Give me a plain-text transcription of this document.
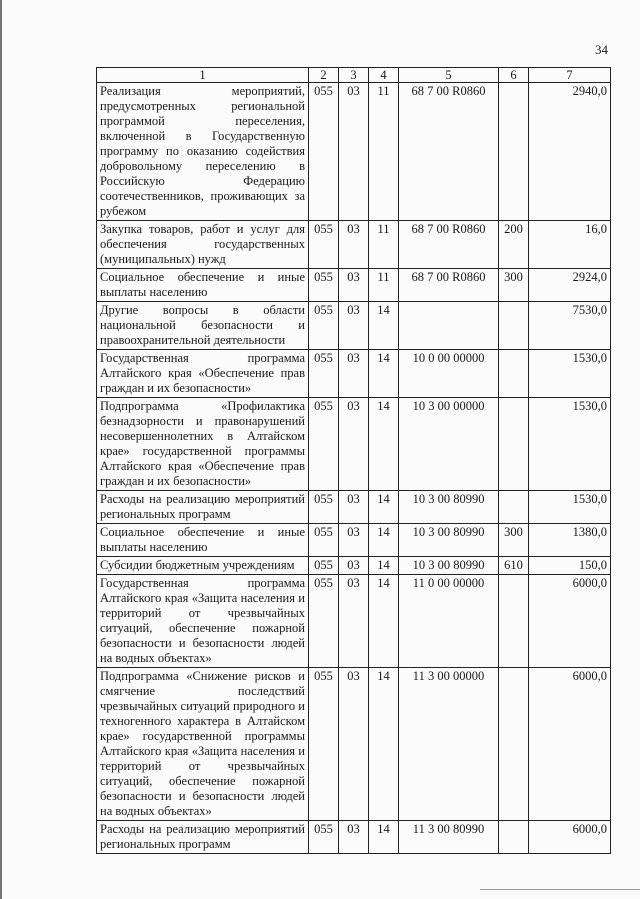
34
1	2	3	4	5	6	7
Реализация мероприятий, предусмотренных региональной программой переселения, включенной в Государственную программу по оказанию содействия добровольному переселению в Российскую Федерацию соотечественников, проживающих за рубежом	055	03	11	68 7 00 R0860		2940,0
Закупка товаров, работ и услуг для обеспечения государственных (муниципальных) нужд	055	03	11	68 7 00 R0860	200	16,0
Социальное обеспечение и иные выплаты населению	055	03	11	68 7 00 R0860	300	2924,0
Другие вопросы в области национальной безопасности и правоохранительной деятельности	055	03	14			7530,0
Государственная программа Алтайского края «Обеспечение прав граждан и их безопасности»	055	03	14	10 0 00 00000		1530,0
Подпрограмма «Профилактика безнадзорности и правонарушений несовершеннолетних в Алтайском крае» государственной программы Алтайского края «Обеспечение прав граждан и их безопасности»	055	03	14	10 3 00 00000		1530,0
Расходы на реализацию мероприятий региональных программ	055	03	14	10 3 00 80990		1530,0
Социальное обеспечение и иные выплаты населению	055	03	14	10 3 00 80990	300	1380,0
Субсидии бюджетным учреждениям	055	03	14	10 3 00 80990	610	150,0
Государственная программа Алтайского края «Защита населения и территорий от чрезвычайных ситуаций, обеспечение пожарной безопасности и безопасности людей на водных объектах»	055	03	14	11 0 00 00000		6000,0
Подпрограмма «Снижение рисков и смягчение последствий чрезвычайных ситуаций природного и техногенного характера в Алтайском крае» государственной программы Алтайского края «Защита населения и территорий от чрезвычайных ситуаций, обеспечение пожарной безопасности и безопасности людей на водных объектах»	055	03	14	11 3 00 00000		6000,0
Расходы на реализацию мероприятий региональных программ	055	03	14	11 3 00 80990		6000,0
